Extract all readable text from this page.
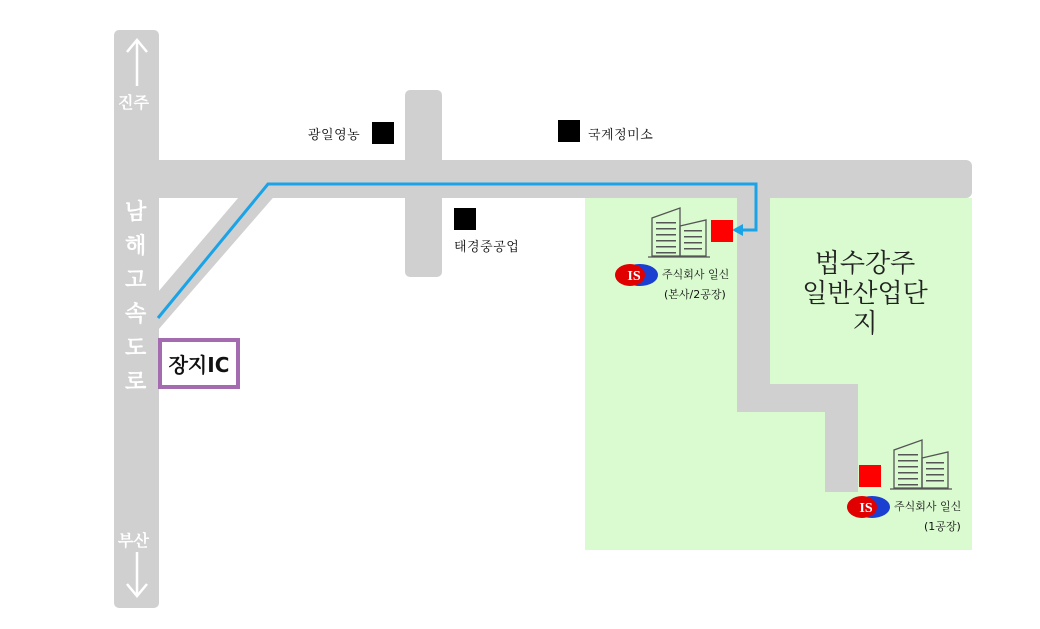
진주
부산
남
해
고
속
도
로
장지IC
광일영농	국계정미소
태경중공업
법수강주
일반산업단지
IS 주식회사 일신
(본사/2공장)
IS 주식회사 일신
(1공장)
